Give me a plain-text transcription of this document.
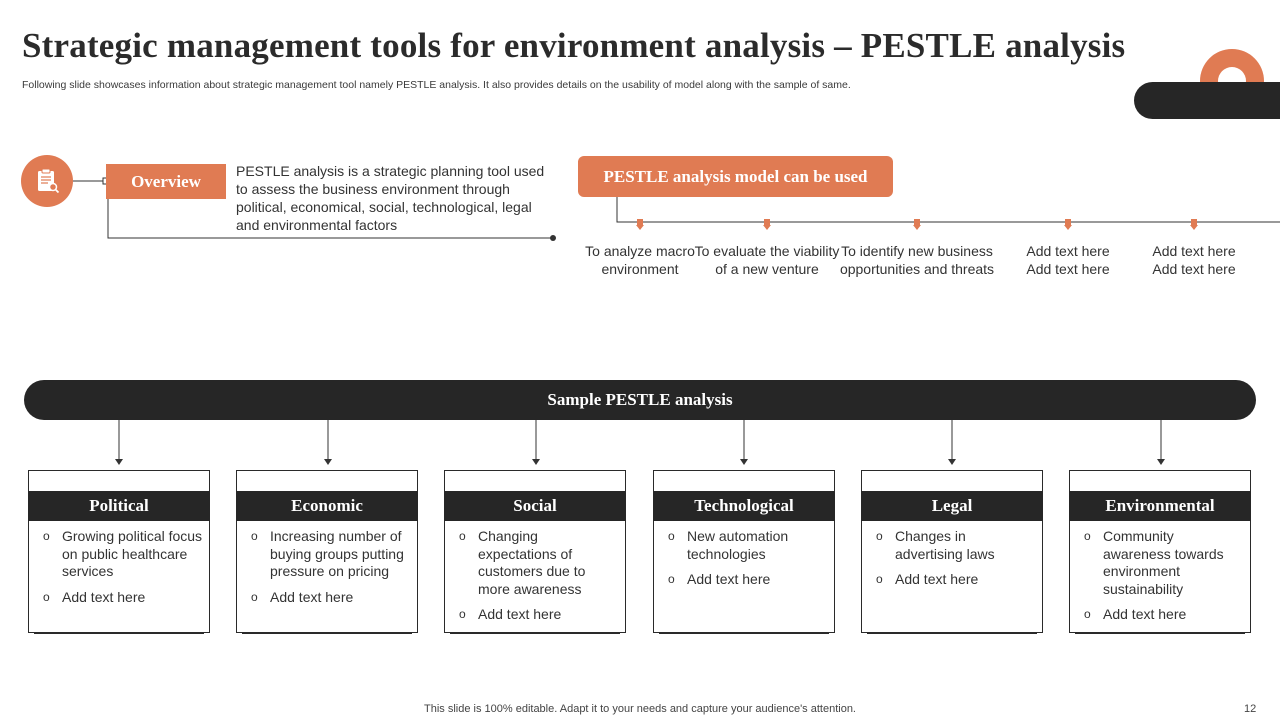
Strategic management tools for environment analysis – PESTLE analysis
Following slide showcases information about strategic management tool namely PESTLE analysis. It also provides details on the usability of model along with the sample of same.
Overview
PESTLE analysis is a strategic planning tool used to assess the business environment through political, economical, social, technological, legal and environmental factors
PESTLE analysis model can be used
To analyze macro environment
To evaluate the viability of a new venture
To identify new business opportunities and threats
Add text here Add text here
Add text here Add text here
Sample PESTLE analysis
Political
o Growing political focus on public healthcare services
o Add text here
Economic
o Increasing number of buying groups putting pressure on pricing
o Add text here
Social
o Changing expectations of customers due to more awareness
o Add text here
Technological
o New automation technologies
o Add text here
Legal
o Changes in advertising laws
o Add text here
Environmental
o Community awareness towards environment sustainability
o Add text here
This slide is 100% editable. Adapt it to your needs and capture your audience's attention.	12
